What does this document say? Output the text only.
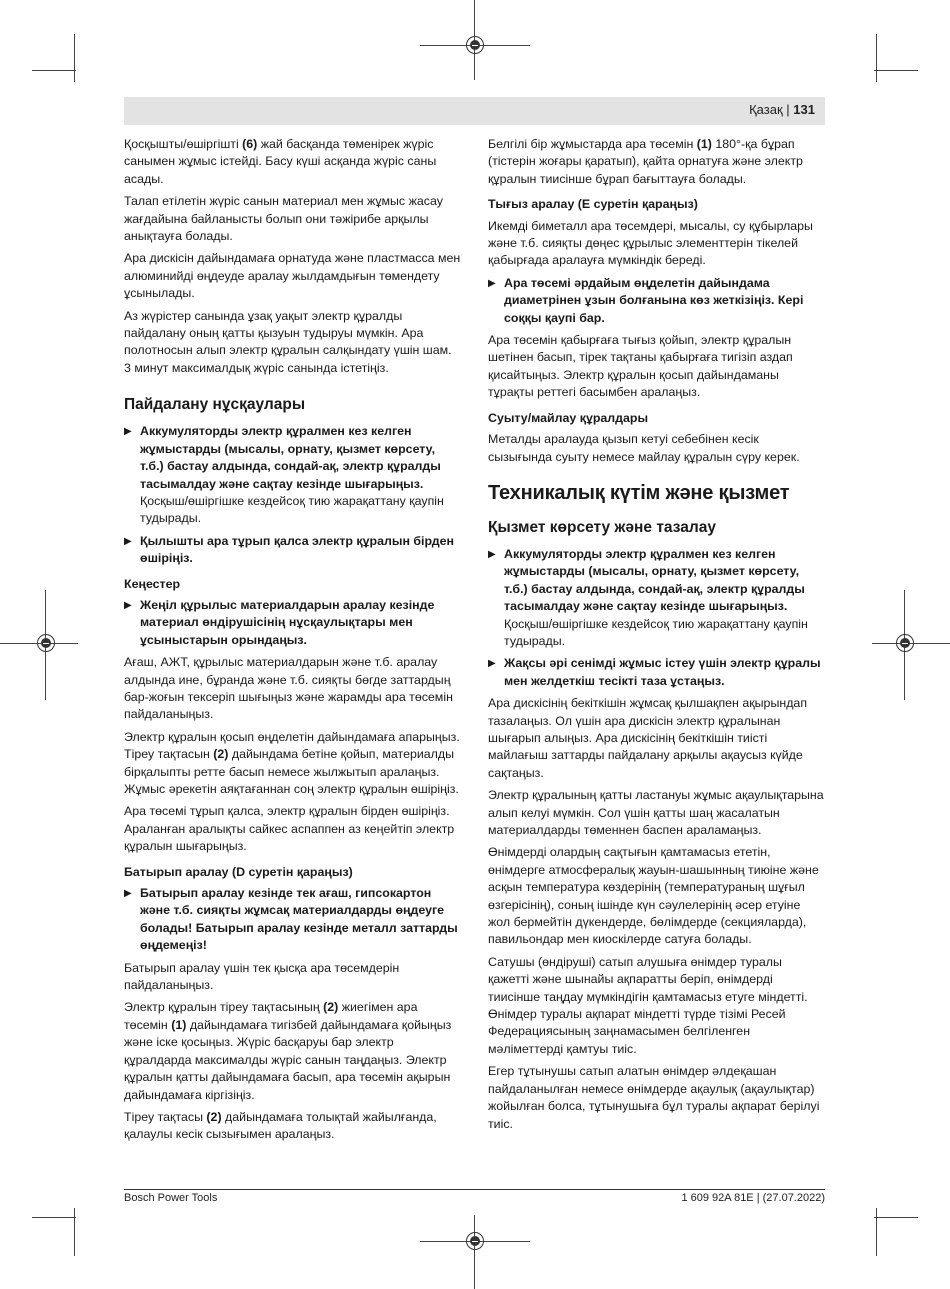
Қазақ | 131

Қосқышты/өшіргішті (6) жай басқанда төменірек жүріс санымен жұмыс істейді. Басу күші асқанда жүріс саны асады.

Талап етілетін жүріс санын материал мен жұмыс жасау жағдайына байланысты болып они тәжірибе арқылы анықтауға болады.

Ара дискісін дайындамаға орнатуда және пластмасса мен алюминийді өңдеуде аралау жылдамдығын төмендету ұсынылады.

Аз жүрістер санында ұзақ уақыт электр құралды пайдалану оның қатты қызуын тудыруы мүмкін. Ара полотносын алып электр құралын салқындату үшін шам. 3 минут максималдық жүріс санында істетіңіз.

Пайдалану нұсқаулары
▶ Аккумуляторды электр құралмен кез келген жұмыстарды (мысалы, орнату, қызмет көрсету, т.б.) бастау алдында, сондай-ақ, электр құралды тасымалдау және сақтау кезінде шығарыңыз.
Қосқыш/өшіргішке кездейсоқ тию жарақаттану қаупін тудырады.
▶ Қылышты ара тұрып қалса электр құралын бірден өшіріңіз.
Кеңестер
▶ Жеңіл құрылыс материалдарын аралау кезінде материал өндірушісінің нұсқаулықтары мен ұсыныстарын орындаңыз.

Ағаш, АЖТ, құрылыс материалдарын және т.б. аралау алдында ине, бұранда және т.б. сияқты бөгде заттардың бар-жоғын тексеріп шығыңыз және жарамды ара төсемін пайдаланыңыз.

Электр құралын қосып өңделетін дайындамаға апарыңыз. Тіреу тақтасын (2) дайындама бетіне қойып, материалды бірқалыпты ретте басып немесе жылжытып аралаңыз. Жұмыс әрекетін аяқтағаннан соң электр құралын өшіріңіз.

Ара төсемі тұрып қалса, электр құралын бірден өшіріңіз. Араланған аралықты сайкес аспаппен аз кеңейтіп электр құралын шығарыңыз.

Батырып аралау (D суретін қараңыз)
▶ Батырып аралау кезінде тек ағаш, гипсокартон және т.б. сияқты жұмсақ материалдарды өңдеуге болады! Батырып аралау кезінде металл заттарды өңдемеңіз!

Батырып аралау үшін тек қысқа ара төсемдерін пайдаланыңыз.

Электр құралын тіреу тақтасының (2) жиегімен ара төсемін (1) дайындамаға тигізбей дайындамаға қойыңыз және іске қосыңыз. Жүріс басқаруы бар электр құралдарда максималды жүріс санын таңдаңыз. Электр құралын қатты дайындамаға басып, ара төсемін ақырын дайындамаға кіргізіңіз.

Тіреу тақтасы (2) дайындамаға толықтай жайылғанда, қалаулы кесік сызығымен аралаңыз.

Белгілі бір жұмыстарда ара төсемін (1) 180°-қа бұрап (тістерін жоғары қаратып), қайта орнатуға және электр құралын тиисінше бұрап бағыттауға болады.

Тығыз аралау (E суретін қараңыз)

Икемді биметалл ара төсемдері, мысалы, су құбырлары және т.б. сияқты дөңес құрылыс элементтерін тікелей қабырғада аралауға мүмкіндік береді.

▶ Ара төсемі әрдайым өңделетін дайындама диаметрінен ұзын болғанына көз жеткізіңіз. Кері соққы қаупі бар.

Ара төсемін қабырғаға тығыз қойып, электр құралын шетінен басып, тірек тақтаны қабырғаға тигізіп аздап қисайтыңыз. Электр құралын қосып дайындаманы тұрақты реттегі басымбен аралаңыз.

Суыту/майлау құралдары

Металды аралауда қызып кетуі себебінен кесік сызығында суыту немесе майлау құралын сүру керек.

Техникалық күтім және қызмет
Қызмет көрсету және тазалау
▶ Аккумуляторды электр құралмен кез келген жұмыстарды (мысалы, орнату, қызмет көрсету, т.б.) бастау алдында, сондай-ақ, электр құралды тасымалдау және сақтау кезінде шығарыңыз.
Қосқыш/өшіргішке кездейсоқ тию жарақаттану қаупін тудырады.
▶ Жақсы әрі сенімді жұмыс істеу үшін электр құралы мен желдеткіш тесікті таза ұстаңыз.

Ара дискісінің бекіткішін жұмсақ қылшақпен ақырындап тазалаңыз. Ол үшін ара дискісін электр құралынан шығарып алыңыз. Ара дискісінің бекіткішін тиісті майлағыш заттарды пайдалану арқылы ақаусыз күйде сақтаңыз.

Электр құралының қатты ластануы жұмыс ақаулықтарына алып келуі мүмкін. Сол үшін қатты шаң жасалатын материалдарды төменнен баспен араламаңыз.

Өнімдерді олардың сақтығын қамтамасыз ететін, өнімдерге атмосфералық жауын-шашынның тиюіне және асқын температура көздерінің (температураның шұғыл өзгерісінің), соның ішінде күн сәулелерінің әсер етуіне жол бермейтін дүкендерде, бөлімдерде (секцияларда), павильондар мен киоскілерде сатуға болады.

Сатушы (өндіруші) сатып алушыға өнімдер туралы қажетті және шынайы ақпаратты беріп, өнімдерді тиисінше таңдау мүмкіндігін қамтамасыз етуге міндетті. Өнімдер туралы ақпарат міндетті түрде тізімі Ресей Федерациясының заңнамасымен белгіленген мәліметтерді қамтуы тиіс.

Егер тұтынушы сатып алатын өнімдер әлдеқашан пайдаланылған немесе өнімдерде ақаулық (ақаулықтар) жойылған болса, тұтынушыға бұл туралы ақпарат берілуі тиіс.

Bosch Power Tools	1 609 92A 81E | (27.07.2022)
